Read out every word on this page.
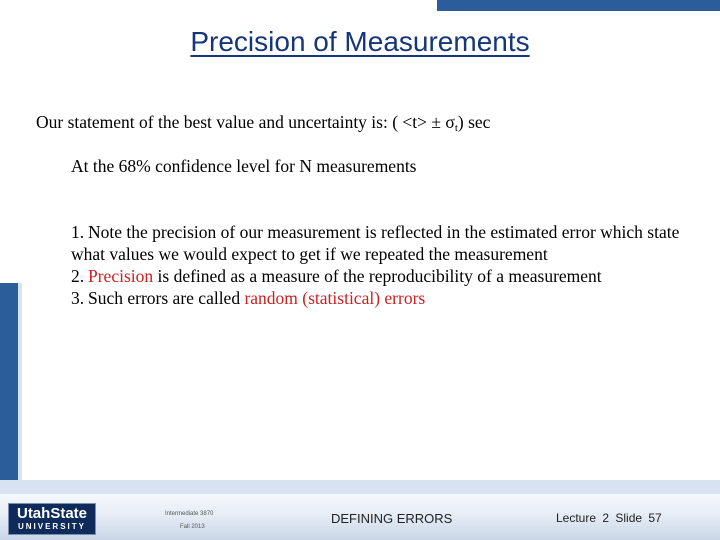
Precision of Measurements
Our statement of the best value and uncertainty is: ( $<t> \pm \sigma_t$) sec
At the 68% confidence level for N measurements
1. Note the precision of our measurement is reflected in the estimated error which state what values we would expect to get if we repeated the measurement
2. Precision is defined as a measure of the reproducibility of a measurement
3. Such errors are called random (statistical) errors
UtahState
UNIVERSITY
Intermediate 3870
Fall 2013
DEFINING ERRORS	Lecture 2 Slide 57
